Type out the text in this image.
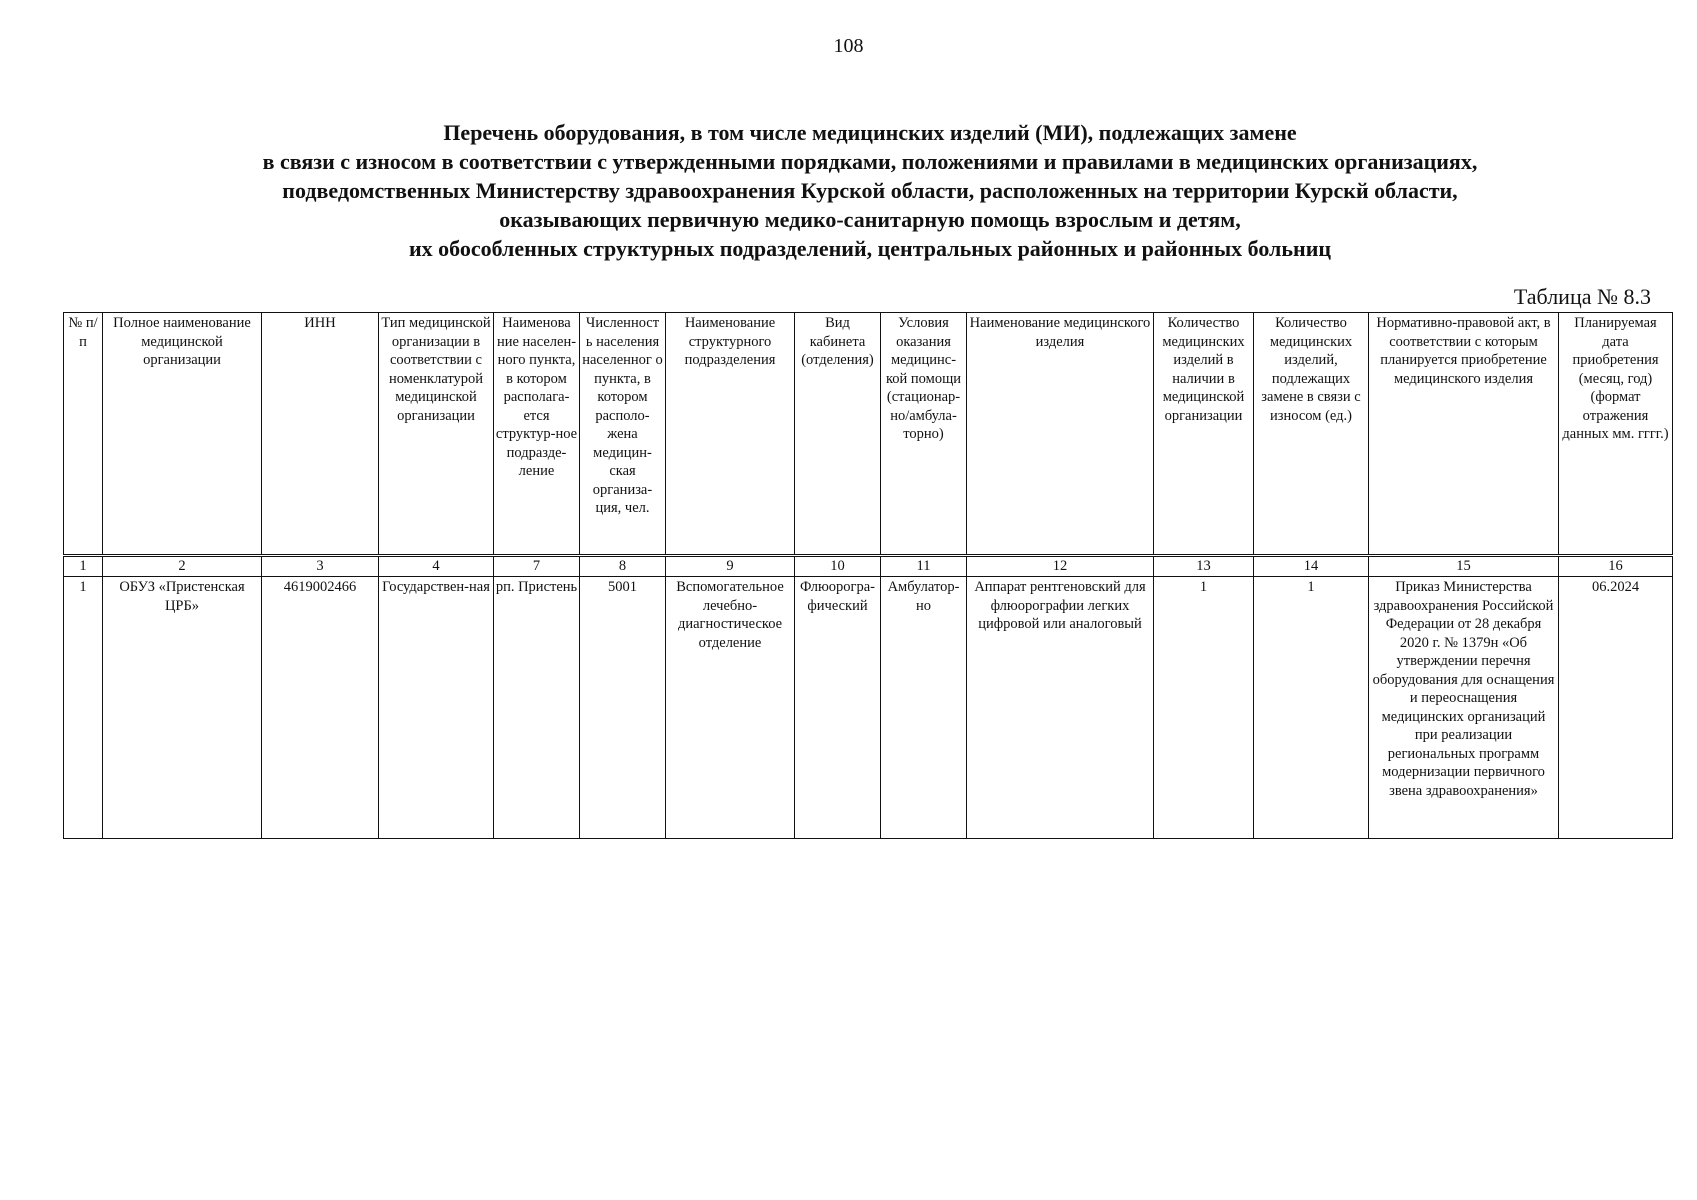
108
Перечень оборудования, в том числе медицинских изделий (МИ), подлежащих замене
в связи с износом в соответствии с утвержденными порядками, положениями и правилами в медицинских организациях,
подведомственных Министерству здравоохранения Курской области, расположенных на территории Курскй области,
оказывающих первичную медико-санитарную помощь взрослым и детям,
их обособленных структурных подразделений, центральных районных и районных больниц
Таблица № 8.3
№ п/п	Полное наименование медицинской организации	ИНН	Тип медицинской организации в соответствии с номенклатурой медицинской организации	Наименова ние населен-ного пункта, в котором располага-ется структур-ное подразде-ление	Численност ь населения населенног о пункта, в котором располо-жена медицин-ская организа-ция, чел.	Наименование структурного подразделения	Вид кабинета (отделения)	Условия оказания медицинс-кой помощи (стационар-но/амбула-торно)	Наименование медицинского изделия	Количество медицинских изделий в наличии в медицинской организации	Количество медицинских изделий, подлежащих замене в связи с износом (ед.)	Нормативно-правовой акт, в соответствии с которым планируется приобретение медицинского изделия	Планируемая дата приобретения (месяц, год) (формат отражения данных мм. гггг.)
1	2	3	4	7	8	9	10	11	12	13	14	15	16
1	ОБУЗ «Пристенская ЦРБ»	4619002466	Государствен-ная	рп. Пристень	5001	Вспомогательное лечебно-диагностическое отделение	Флюорогра-фический	Амбулатор-но	Аппарат рентгеновский для флюорографии легких цифровой или аналоговый	1	1	Приказ Министерства здравоохранения Российской Федерации от 28 декабря 2020 г. № 1379н «Об утверждении перечня оборудования для оснащения и переоснащения медицинских организаций при реализации региональных программ модернизации первичного звена здравоохранения»	06.2024
